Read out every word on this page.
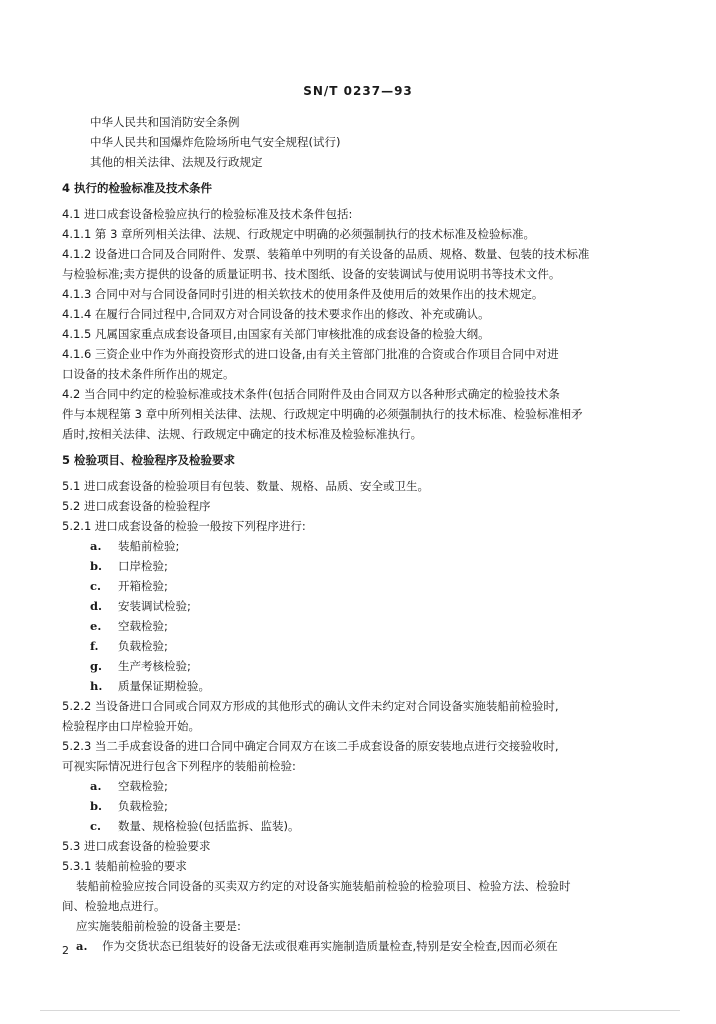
SN/T 0237—93
中华人民共和国消防安全条例
中华人民共和国爆炸危险场所电气安全规程(试行)
其他的相关法律、法规及行政规定
4 执行的检验标准及技术条件
4.1 进口成套设备检验应执行的检验标准及技术条件包括:
4.1.1 第 3 章所列相关法律、法规、行政规定中明确的必须强制执行的技术标准及检验标准。
4.1.2 设备进口合同及合同附件、发票、装箱单中列明的有关设备的品质、规格、数量、包装的技术标准
与检验标准;卖方提供的设备的质量证明书、技术图纸、设备的安装调试与使用说明书等技术文件。
4.1.3 合同中对与合同设备同时引进的相关软技术的使用条件及使用后的效果作出的技术规定。
4.1.4 在履行合同过程中,合同双方对合同设备的技术要求作出的修改、补充或确认。
4.1.5 凡属国家重点成套设备项目,由国家有关部门审核批准的成套设备的检验大纲。
4.1.6 三资企业中作为外商投资形式的进口设备,由有关主管部门批准的合资或合作项目合同中对进
口设备的技术条件所作出的规定。
4.2 当合同中约定的检验标准或技术条件(包括合同附件及由合同双方以各种形式确定的检验技术条
件与本规程第 3 章中所列相关法律、法规、行政规定中明确的必须强制执行的技术标准、检验标准相矛
盾时,按相关法律、法规、行政规定中确定的技术标准及检验标准执行。
5 检验项目、检验程序及检验要求
5.1 进口成套设备的检验项目有包装、数量、规格、品质、安全或卫生。
5.2 进口成套设备的检验程序
5.2.1 进口成套设备的检验一般按下列程序进行:
a. 装船前检验;
b. 口岸检验;
c. 开箱检验;
d. 安装调试检验;
e. 空载检验;
f. 负载检验;
g. 生产考核检验;
h. 质量保证期检验。
5.2.2 当设备进口合同或合同双方形成的其他形式的确认文件未约定对合同设备实施装船前检验时,
检验程序由口岸检验开始。
5.2.3 当二手成套设备的进口合同中确定合同双方在该二手成套设备的原安装地点进行交接验收时,
可视实际情况进行包含下列程序的装船前检验:
a. 空载检验;
b. 负载检验;
c. 数量、规格检验(包括监拆、监装)。
5.3 进口成套设备的检验要求
5.3.1 装船前检验的要求
装船前检验应按合同设备的买卖双方约定的对设备实施装船前检验的检验项目、检验方法、检验时
间、检验地点进行。
应实施装船前检验的设备主要是:
a. 作为交货状态已组装好的设备无法或很难再实施制造质量检查,特别是安全检查,因而必须在
2
